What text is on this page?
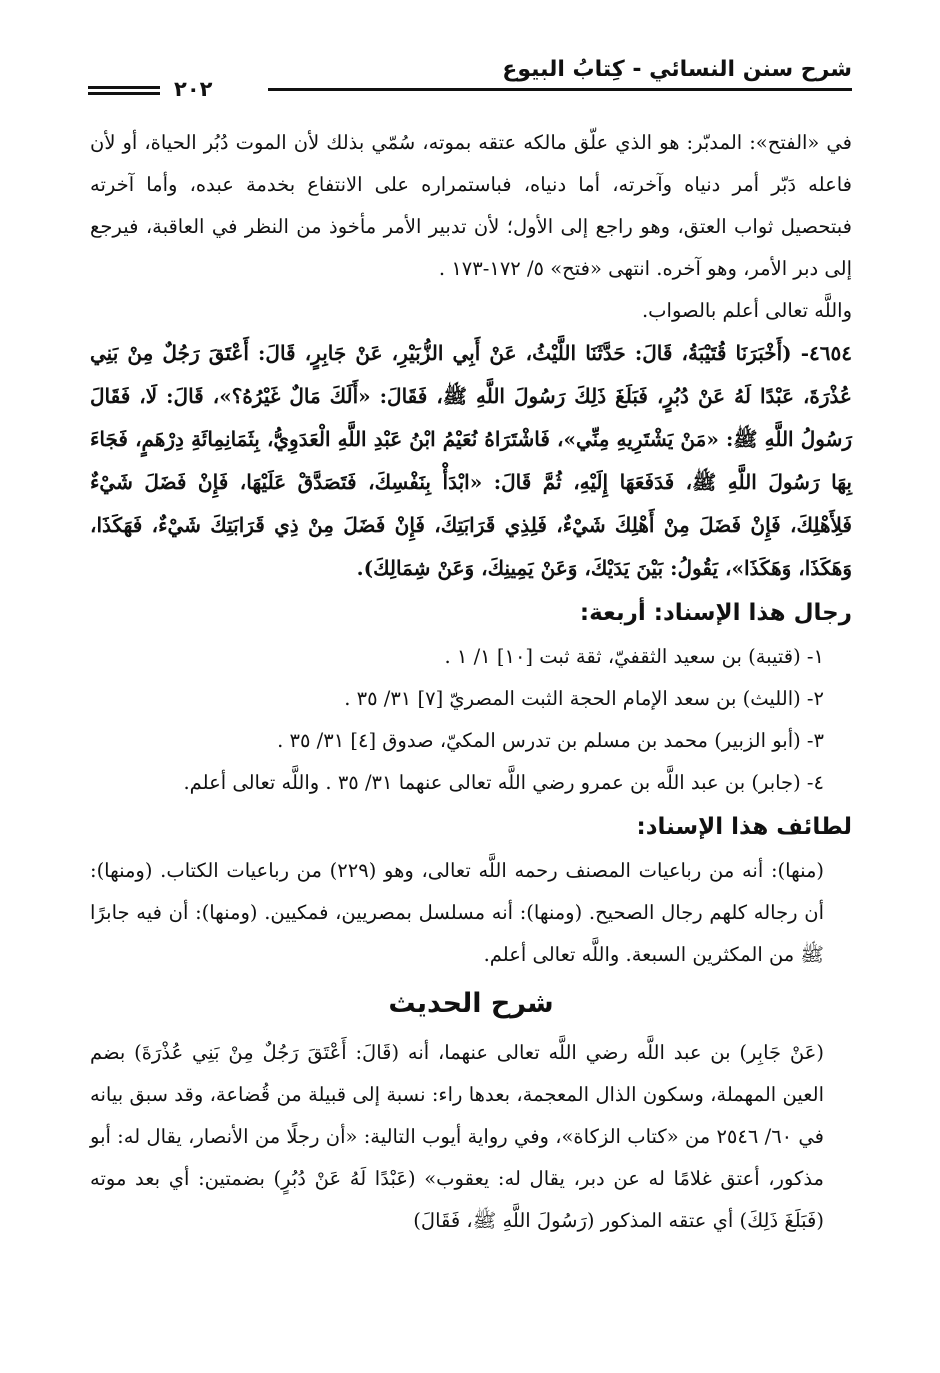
شرح سنن النسائي - كِتابُ البيوع
٢٠٢

في «الفتح»: المدبّر: هو الذي علّق مالكه عتقه بموته، سُمّي بذلك لأن الموت دُبُر الحياة، أو لأن فاعله دَبّر أمر دنياه وآخرته، أما دنياه، فباستمراره على الانتفاع بخدمة عبده، وأما آخرته فبتحصيل ثواب العتق، وهو راجع إلى الأول؛ لأن تدبير الأمر مأخوذ من النظر في العاقبة، فيرجع إلى دبر الأمر، وهو آخره. انتهى «فتح» ٥/ ١٧٢-١٧٣ .

واللَّه تعالى أعلم بالصواب.

٤٦٥٤- (أَخْبَرَنَا قُتَيْبَةُ، قَالَ: حَدَّثَنَا اللَّيْثُ، عَنْ أَبِي الزُّبَيْرِ، عَنْ جَابِرٍ، قَالَ: أَعْتَقَ رَجُلٌ مِنْ بَنِي عُذْرَةَ، عَبْدًا لَهُ عَنْ دُبُرٍ، فَبَلَغَ ذَلِكَ رَسُولَ اللَّهِ ﷺ، فَقَالَ: «أَلَكَ مَالٌ غَيْرُهُ؟»، قَالَ: لَا، فَقَالَ رَسُولُ اللَّهِ ﷺ: «مَنْ يَشْتَرِيهِ مِنِّي»، فَاشْتَرَاهُ نُعَيْمُ ابْنُ عَبْدِ اللَّهِ الْعَدَوِيُّ، بِثَمَانِمِائَةِ دِرْهَمٍ، فَجَاءَ بِهَا رَسُولَ اللَّهِ ﷺ، فَدَفَعَهَا إِلَيْهِ، ثُمَّ قَالَ: «ابْدَأْ بِنَفْسِكَ، فَتَصَدَّقْ عَلَيْهَا، فَإِنْ فَضَلَ شَيْءٌ فَلِأَهْلِكَ، فَإِنْ فَضَلَ مِنْ أَهْلِكَ شَيْءٌ، فَلِذِي قَرَابَتِكَ، فَإِنْ فَضَلَ مِنْ ذِي قَرَابَتِكَ شَيْءٌ، فَهَكَذَا، وَهَكَذَا، وَهَكَذَا»، يَقُولُ: بَيْنَ يَدَيْكَ، وَعَنْ يَمِينِكَ، وَعَنْ شِمَالِكَ).

رجال هذا الإسناد: أربعة:
١- (قتيبة) بن سعيد الثقفيّ، ثقة ثبت [١٠] ١/ ١ .
٢- (الليث) بن سعد الإمام الحجة الثبت المصريّ [٧] ٣١/ ٣٥ .
٣- (أبو الزبير) محمد بن مسلم بن تدرس المكيّ، صدوق [٤] ٣١/ ٣٥ .
٤- (جابر) بن عبد اللَّه بن عمرو رضي اللَّه تعالى عنهما ٣١/ ٣٥ . واللَّه تعالى أعلم.
لطائف هذا الإسناد:

(منها): أنه من رباعيات المصنف رحمه اللَّه تعالى، وهو (٢٢٩) من رباعيات الكتاب. (ومنها): أن رجاله كلهم رجال الصحيح. (ومنها): أنه مسلسل بمصريين، فمكيين. (ومنها): أن فيه جابرًا ﷺ من المكثرين السبعة. واللَّه تعالى أعلم.

شرح الحديث

(عَنْ جَابِر) بن عبد اللَّه رضي اللَّه تعالى عنهما، أنه (قَالَ: أَعْتَقَ رَجُلٌ مِنْ بَنِي عُذْرَةَ) بضم العين المهملة، وسكون الذال المعجمة، بعدها راء: نسبة إلى قبيلة من قُضاعة، وقد سبق بيانه في ٦٠/ ٢٥٤٦ من «كتاب الزكاة»، وفي رواية أيوب التالية: «أن رجلًا من الأنصار، يقال له: أبو مذكور، أعتق غلامًا له عن دبر، يقال له: يعقوب» (عَبْدًا لَهُ عَنْ دُبُرٍ) بضمتين: أي بعد موته (فَبَلَغَ ذَلِكَ) أي عتقه المذكور (رَسُولَ اللَّهِ ﷺ، فَقَالَ)
